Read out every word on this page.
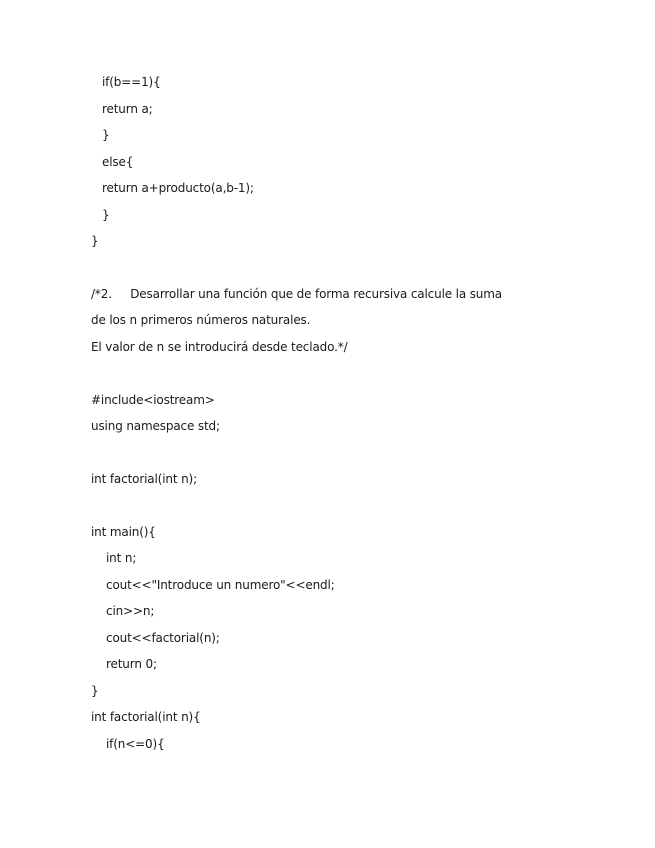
if(b==1){
return a;
}
else{
return a+producto(a,b-1);
}
}
/*2.     Desarrollar una función que de forma recursiva calcule la suma
de los n primeros números naturales.
El valor de n se introducirá desde teclado.*/
#include<iostream>
using namespace std;
int factorial(int n);
int main(){
int n;
cout<<"Introduce un numero"<<endl;
cin>>n;
cout<<factorial(n);
return 0;
}
int factorial(int n){
if(n<=0){
